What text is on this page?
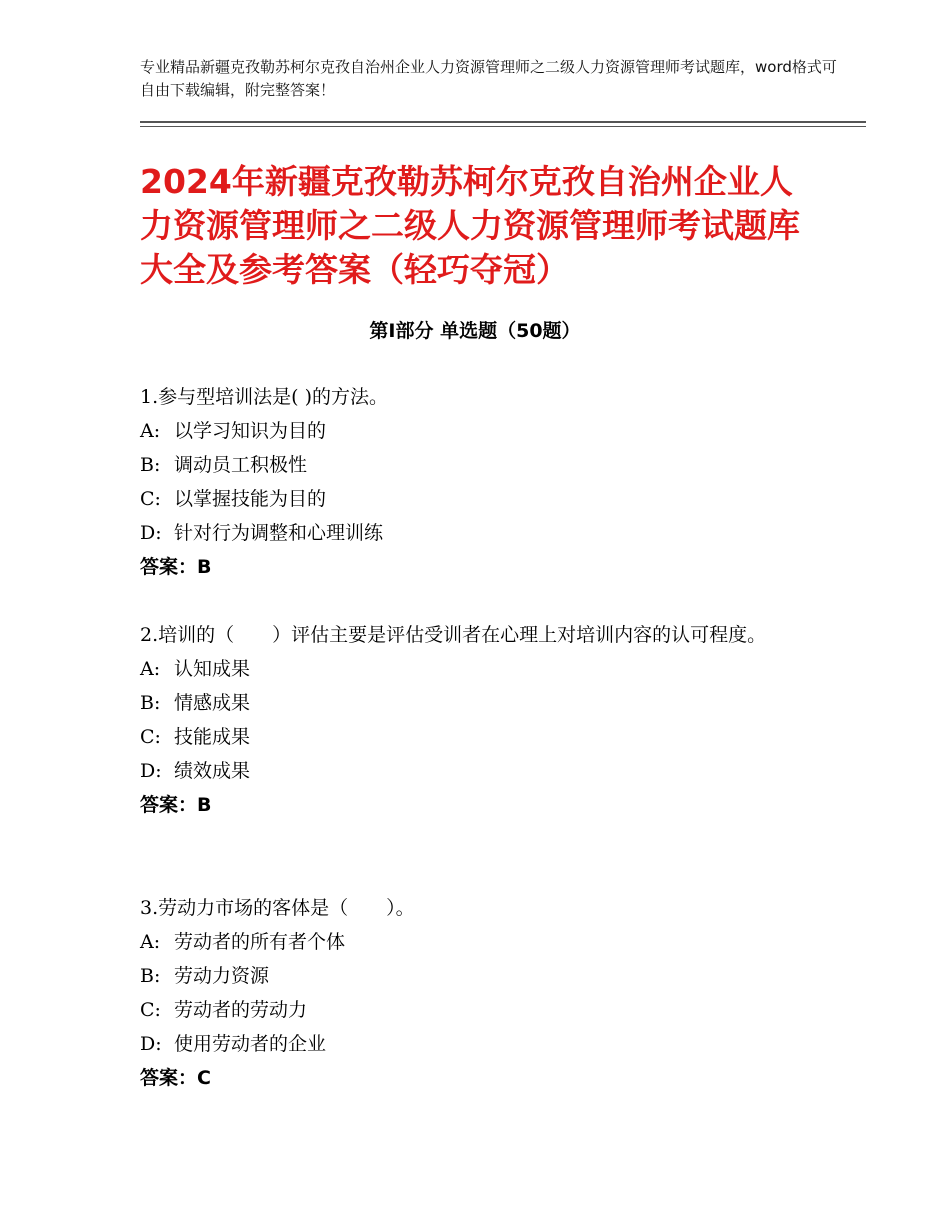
专业精品新疆克孜勒苏柯尔克孜自治州企业人力资源管理师之二级人力资源管理师考试题库，word格式可自由下载编辑，附完整答案！
2024年新疆克孜勒苏柯尔克孜自治州企业人力资源管理师之二级人力资源管理师考试题库大全及参考答案（轻巧夺冠）
第Ⅰ部分 单选题（50题）
1.参与型培训法是( )的方法。
A: 以学习知识为目的
B: 调动员工积极性
C: 以掌握技能为目的
D: 针对行为调整和心理训练
答案：B
2.培训的（　　）评估主要是评估受训者在心理上对培训内容的认可程度。
A: 认知成果
B: 情感成果
C: 技能成果
D: 绩效成果
答案：B
3.劳动力市场的客体是（　　）。
A: 劳动者的所有者个体
B: 劳动力资源
C: 劳动者的劳动力
D: 使用劳动者的企业
答案：C
